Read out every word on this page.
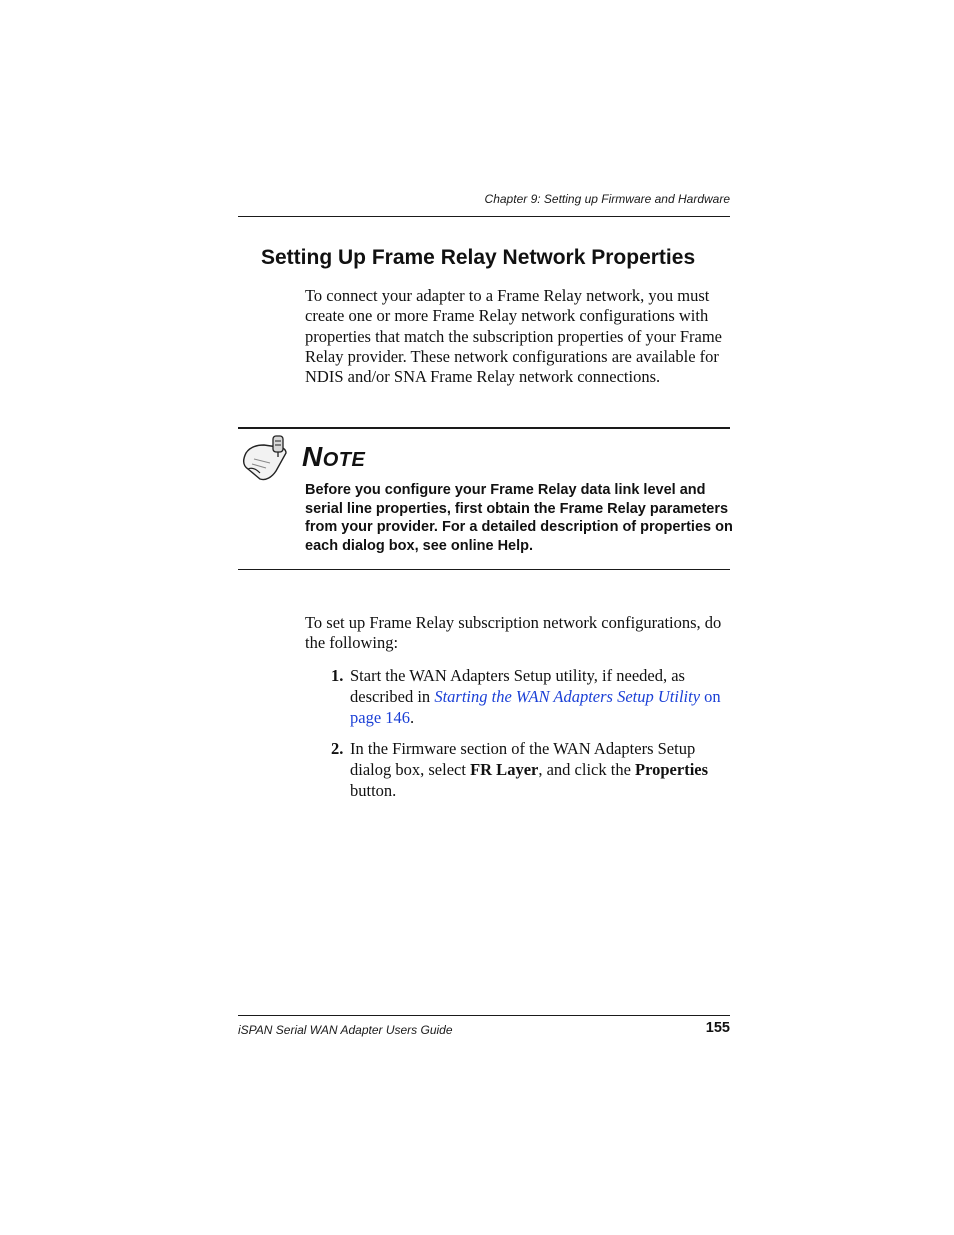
Chapter 9: Setting up Firmware and Hardware
Setting Up Frame Relay Network Properties

To connect your adapter to a Frame Relay network, you must create one or more Frame Relay network configurations with properties that match the subscription properties of your Frame Relay provider. These network configurations are available for NDIS and/or SNA Frame Relay network connections.

NOTE

Before you configure your Frame Relay data link level and serial line properties, first obtain the Frame Relay parameters from your provider. For a detailed description of properties on each dialog box, see online Help.

To set up Frame Relay subscription network configurations, do the following:

1. Start the WAN Adapters Setup utility, if needed, as described in Starting the WAN Adapters Setup Utility on page 146.
2. In the Firmware section of the WAN Adapters Setup dialog box, select FR Layer, and click the Properties button.
iSPAN Serial WAN Adapter Users Guide	155
